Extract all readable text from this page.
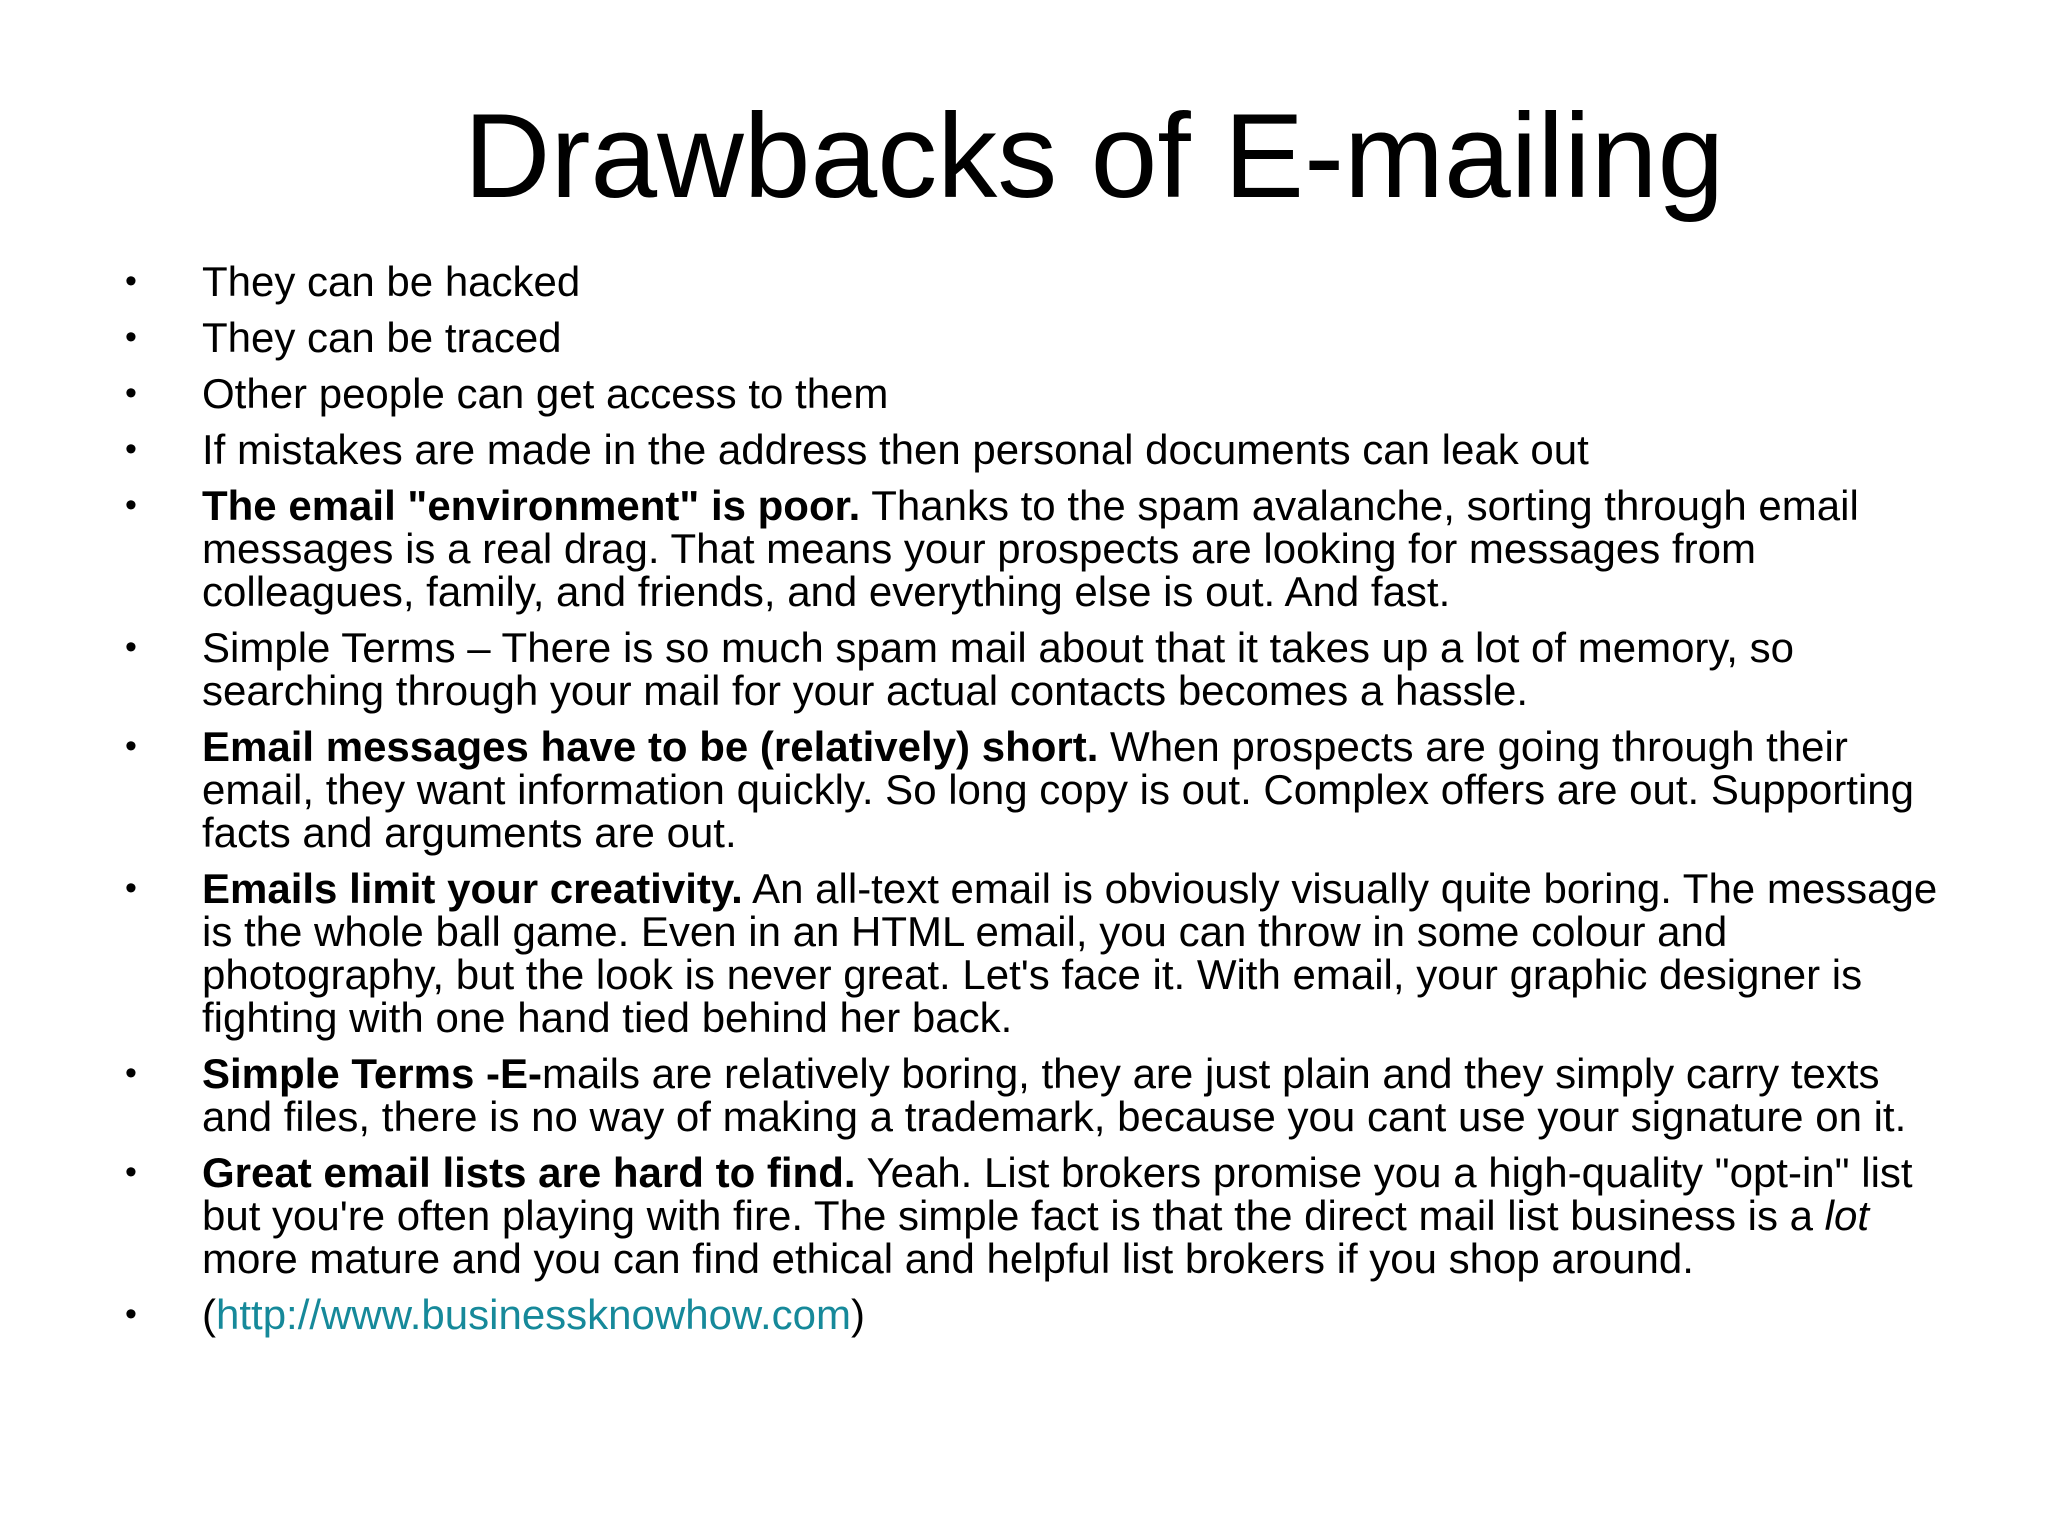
Drawbacks of E-mailing
• They can be hacked
• They can be traced
• Other people can get access to them
• If mistakes are made in the address then personal documents can leak out
• The email "environment" is poor. Thanks to the spam avalanche, sorting through email messages is a real drag. That means your prospects are looking for messages from colleagues, family, and friends, and everything else is out. And fast.
• Simple Terms – There is so much spam mail about that it takes up a lot of memory, so searching through your mail for your actual contacts becomes a hassle.
• Email messages have to be (relatively) short. When prospects are going through their email, they want information quickly. So long copy is out. Complex offers are out. Supporting facts and arguments are out.
• Emails limit your creativity. An all-text email is obviously visually quite boring. The message is the whole ball game. Even in an HTML email, you can throw in some colour and photography, but the look is never great. Let's face it. With email, your graphic designer is fighting with one hand tied behind her back.
• Simple Terms -E-mails are relatively boring, they are just plain and they simply carry texts and files, there is no way of making a trademark, because you cant use your signature on it.
• Great email lists are hard to find. Yeah. List brokers promise you a high-quality "opt-in" list but you're often playing with fire. The simple fact is that the direct mail list business is a lot more mature and you can find ethical and helpful list brokers if you shop around.
• (http://www.businessknowhow.com)
